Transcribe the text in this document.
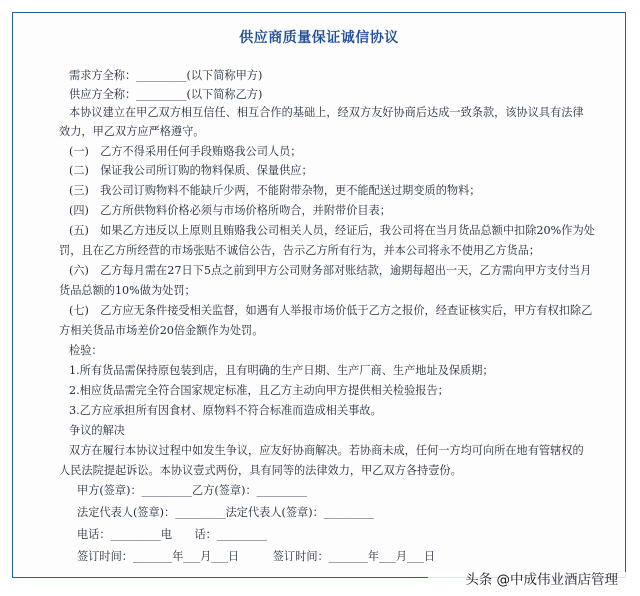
供应商质量保证诚信协议
需求方全称：_________(以下简称甲方)
供应方全称：_________(以下简称乙方)
本协议建立在甲乙双方相互信任、相互合作的基础上，经双方友好协商后达成一致条款，该协议具有法律
效力，甲乙双方应严格遵守。
(一)　乙方不得采用任何手段贿赂我公司人员；
(二)　保证我公司所订购的物料保质、保量供应；
(三)　我公司订购物料不能缺斤少两，不能附带杂物，更不能配送过期变质的物料；
(四)　乙方所供物料价格必须与市场价格所吻合，并附带价目表；
(五)　如果乙方违反以上原则且贿赂我公司相关人员，经证后，我公司将在当月货品总额中扣除20%作为处
罚，且在乙方所经营的市场张贴不诚信公告，告示乙方所有行为，并本公司将永不使用乙方货品；
(六)　乙方每月需在27日下5点之前到甲方公司财务部对账结款，逾期每超出一天，乙方需向甲方支付当月
货品总额的10%做为处罚；
(七)　乙方应无条件接受相关监督，如遇有人举报市场价低于乙方之报价，经查证核实后，甲方有权扣除乙
方相关货品市场差价20倍金额作为处罚。
检验：
1.所有货品需保持原包装到店，且有明确的生产日期、生产厂商、生产地址及保质期；
2.相应货品需完全符合国家规定标准，且乙方主动向甲方提供相关检验报告；
3.乙方应承担所有因食材、原物料不符合标准而造成相关事故。
争议的解决
双方在履行本协议过程中如发生争议，应友好协商解决。若协商未成，任何一方均可向所在地有管辖权的
人民法院提起诉讼。本协议壹式两份，具有同等的法律效力，甲乙双方各持壹份。
甲方(签章)：_________乙方(签章)：_________
法定代表人(签章)：_________法定代表人(签章)：_________
电话：_________电　　话：_________
签订时间：_______年___月___日　　　签订时间：_______年___月___日
头条 @中成伟业酒店管理
